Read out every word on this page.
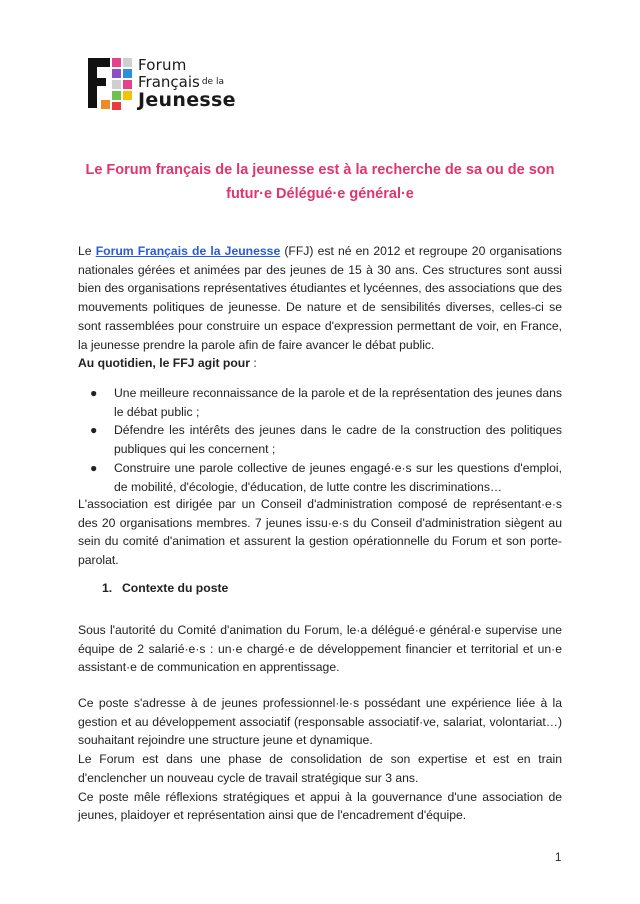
Forum
Français $^{de la}$
Jeunesse
Le Forum français de la jeunesse est à la recherche de sa ou de son futur·e Délégué·e général·e
Le Forum Français de la Jeunesse (FFJ) est né en 2012 et regroupe 20 organisations nationales gérées et animées par des jeunes de 15 à 30 ans. Ces structures sont aussi bien des organisations représentatives étudiantes et lycéennes, des associations que des mouvements politiques de jeunesse. De nature et de sensibilités diverses, celles-ci se sont rassemblées pour construire un espace d'expression permettant de voir, en France, la jeunesse prendre la parole afin de faire avancer le débat public.
Au quotidien, le FFJ agit pour :
● Une meilleure reconnaissance de la parole et de la représentation des jeunes dans le débat public ;
● Défendre les intérêts des jeunes dans le cadre de la construction des politiques publiques qui les concernent ;
● Construire une parole collective de jeunes engagé·e·s sur les questions d'emploi, de mobilité, d'écologie, d'éducation, de lutte contre les discriminations…
L'association est dirigée par un Conseil d'administration composé de représentant·e·s des 20 organisations membres. 7 jeunes issu·e·s du Conseil d'administration siègent au sein du comité d'animation et assurent la gestion opérationnelle du Forum et son porte-parolat.
1. Contexte du poste
Sous l'autorité du Comité d'animation du Forum, le·a délégué·e général·e supervise une équipe de 2 salarié·e·s : un·e chargé·e de développement financier et territorial et un·e assistant·e de communication en apprentissage.
Ce poste s'adresse à de jeunes professionnel·le·s possédant une expérience liée à la gestion et au développement associatif (responsable associatif·ve, salariat, volontariat…) souhaitant rejoindre une structure jeune et dynamique.
Le Forum est dans une phase de consolidation de son expertise et est en train d'enclencher un nouveau cycle de travail stratégique sur 3 ans.
Ce poste mêle réflexions stratégiques et appui à la gouvernance d'une association de jeunes, plaidoyer et représentation ainsi que de l'encadrement d'équipe.
1
